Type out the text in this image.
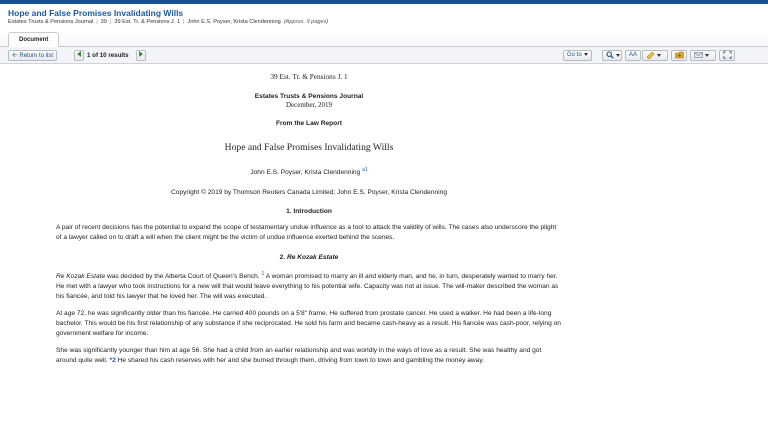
Hope and False Promises Invalidating Wills
Estates Trusts & Pensions Journal | 39 | 39 Est. Tr. & Pensions J. 1 | John E.S. Poyser, Krista Clendenning (Approx. 9 pages)
Document
🡨 Return to list	1 of 10 results	Go to	AA
39 Est. Tr. & Pensions J. 1
Estates Trusts & Pensions Journal
December, 2019
From the Law Report
Hope and False Promises Invalidating Wills
John E.S. Poyser, Krista Clendenning $^{a1}$
Copyright © 2019 by Thomson Reuters Canada Limited; John E.S. Poyser, Krista Clendenning
1. Introduction

A pair of recent decisions has the potential to expand the scope of testamentary undue influence as a tool to attack the validity of wills. The cases also underscore the plight of a lawyer called on to draft a will when the client might be the victim of undue influence exerted behind the scenes.

2. Re Kozak Estate

Re Kozak Estate was decided by the Alberta Court of Queen's Bench. $^1$ A woman promised to marry an ill and elderly man, and he, in turn, desperately wanted to marry her. He met with a lawyer who took instructions for a new will that would leave everything to his potential wife. Capacity was not at issue. The will-maker described the woman as his fiancée, and told his lawyer that he loved her. The will was executed.

At age 72, he was significantly older than his fiancée. He carried 400 pounds on a 5'8" frame. He suffered from prostate cancer. He used a walker. He had been a life-long bachelor. This would be his first relationship of any substance if she reciprocated. He sold his farm and became cash-heavy as a result. His fiancée was cash-poor, relying on government welfare for income.

She was significantly younger than him at age 56. She had a child from an earlier relationship and was worldly in the ways of love as a result. She was healthy and got around quite well. *2 He shared his cash reserves with her and she burned through them, driving from town to town and gambling the money away.
